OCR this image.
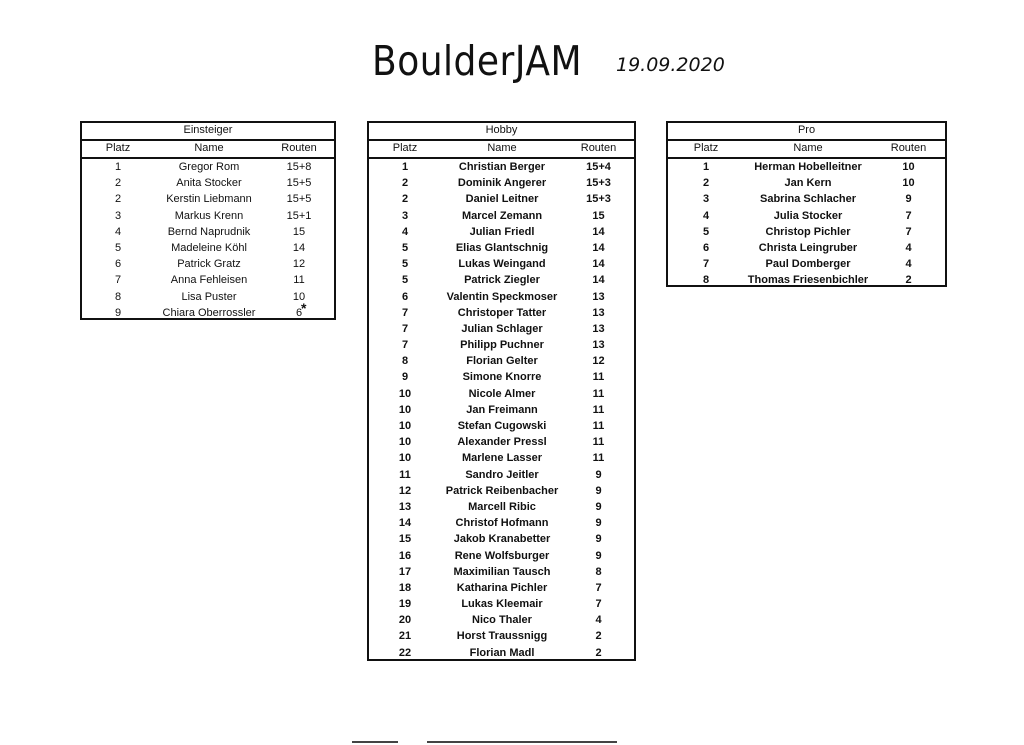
BoulderJAM 19.09.2020
Einsteiger
Platz	Name	Routen
1	Gregor Rom	15+8
2	Anita Stocker	15+5
2	Kerstin Liebmann	15+5
3	Markus Krenn	15+1
4	Bernd Naprudnik	15
5	Madeleine Köhl	14
6	Patrick Gratz	12
7	Anna Fehleisen	11
8	Lisa Puster	10
9	Chiara Oberrossler	6
*
Hobby
Platz	Name	Routen
1	Christian Berger	15+4
2	Dominik Angerer	15+3
2	Daniel Leitner	15+3
3	Marcel Zemann	15
4	Julian Friedl	14
5	Elias Glantschnig	14
5	Lukas Weingand	14
5	Patrick Ziegler	14
6	Valentin Speckmoser	13
7	Christoper Tatter	13
7	Julian Schlager	13
7	Philipp Puchner	13
8	Florian Gelter	12
9	Simone Knorre	11
10	Nicole Almer	11
10	Jan Freimann	11
10	Stefan Cugowski	11
10	Alexander Pressl	11
10	Marlene Lasser	11
11	Sandro Jeitler	9
12	Patrick Reibenbacher	9
13	Marcell Ribic	9
14	Christof Hofmann	9
15	Jakob Kranabetter	9
16	Rene Wolfsburger	9
17	Maximilian Tausch	8
18	Katharina Pichler	7
19	Lukas Kleemair	7
20	Nico Thaler	4
21	Horst Traussnigg	2
22	Florian Madl	2
Pro
Platz	Name	Routen
1	Herman Hobelleitner	10
2	Jan Kern	10
3	Sabrina Schlacher	9
4	Julia Stocker	7
5	Christop Pichler	7
6	Christa Leingruber	4
7	Paul Domberger	4
8	Thomas Friesenbichler	2
